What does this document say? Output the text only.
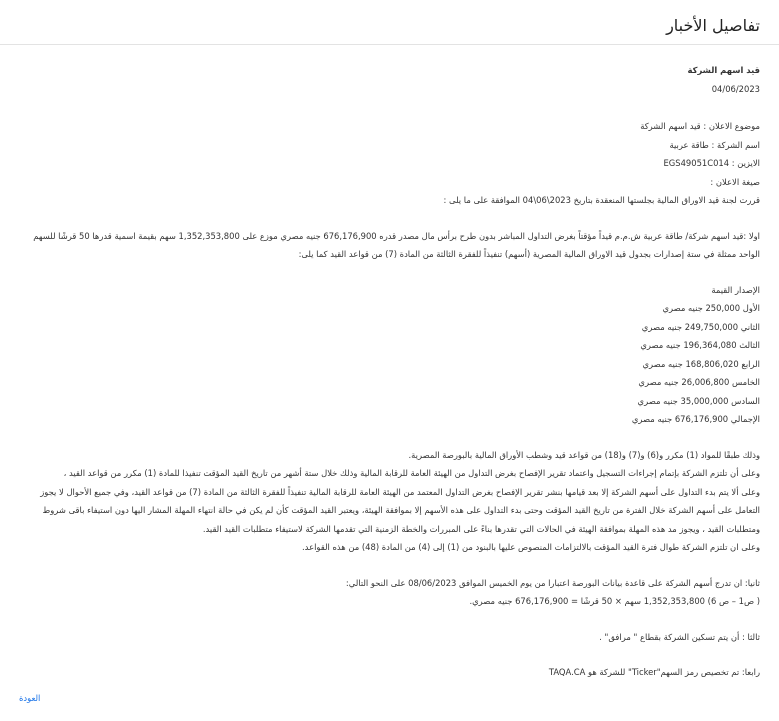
تفاصيل الأخبار
قيد اسهم الشركة
04/06/2023
موضوع الاعلان : قيد اسهم الشركة
اسم الشركة : طاقة عربية
الايزين : EGS49051C014
صيغة الاعلان :
قررت لجنة قيد الاوراق المالية بجلستها المنعقدة بتاريخ 2023\06\04 الموافقة على ما يلى :
اولا :قيد اسهم شركة/ طاقة عربية ش.م.م قيداً مؤقتاً بغرض التداول المباشر بدون طرح برأس مال مصدر قدره 676,176,900 جنيه مصري موزع على 1,352,353,800 سهم بقيمة اسمية قدرها 50 قرشًا للسهم الواحد ممثلة في ستة إصدارات بجدول قيد الاوراق المالية المصرية (أسهم) تنفيذاً للفقرة الثالثة من المادة (7) من قواعد القيد كما يلى:
الإصدار القيمة
الأول 250,000 جنيه مصري
الثاني 249,750,000 جنيه مصري
الثالث 196,364,080 جنيه مصري
الرابع 168,806,020 جنيه مصري
الخامس 26,006,800 جنيه مصري
السادس 35,000,000 جنيه مصري
الإجمالي 676,176,900 جنيه مصري
وذلك طبقًا للمواد (1) مكرر و(6) و(7) و(18) من قواعد قيد وشطب الأوراق المالية بالبورصة المصرية.
وعلى أن تلتزم الشركة بإتمام إجراءات التسجيل واعتماد تقرير الإفصاح بغرض التداول من الهيئة العامة للرقابة المالية وذلك خلال ستة أشهر من تاريخ القيد المؤقت تنفيذا للمادة (1) مكرر من قواعد القيد ،
وعلى ألا يتم بدء التداول على أسهم الشركة إلا بعد قيامها بنشر تقرير الإفصاح بغرض التداول المعتمد من الهيئة العامة للرقابة المالية تنفيذاً للفقرة الثالثة من المادة (7) من قواعد القيد، وفي جميع الأحوال لا يجوز التعامل على أسهم الشركة خلال الفترة من تاريخ القيد المؤقت وحتى بدء التداول على هذه الأسهم إلا بموافقة الهيئة، ويعتبر القيد المؤقت كأن لم يكن في حالة انتهاء المهلة المشار اليها دون استيفاء باقى شروط ومتطلبات القيد ، ويجوز مد هذه المهلة بموافقة الهيئة في الحالات التي تقدرها بناءً على المبررات والخطة الزمنية التي تقدمها الشركة لاستيفاء متطلبات القيد القيد.
وعلى ان تلتزم الشركة طوال فترة القيد المؤقت بالالتزامات المنصوص عليها بالبنود من (1) إلى (4) من المادة (48) من هذه القواعد.
ثانيا: ان تدرج أسهم الشركة على قاعدة بيانات البورصة اعتبارا من يوم الخميس الموافق 08/06/2023 على النحو التالي:
( ص1 – ص 6) 1,352,353,800 سهم × 50 قرشًا = 676,176,900 جنيه مصري.
ثالثا : أن يتم تسكين الشركة بقطاع " مرافق" .
رابعا: تم تخصيص رمز السهم"Ticker" للشركة هو TAQA.CA
العودة
